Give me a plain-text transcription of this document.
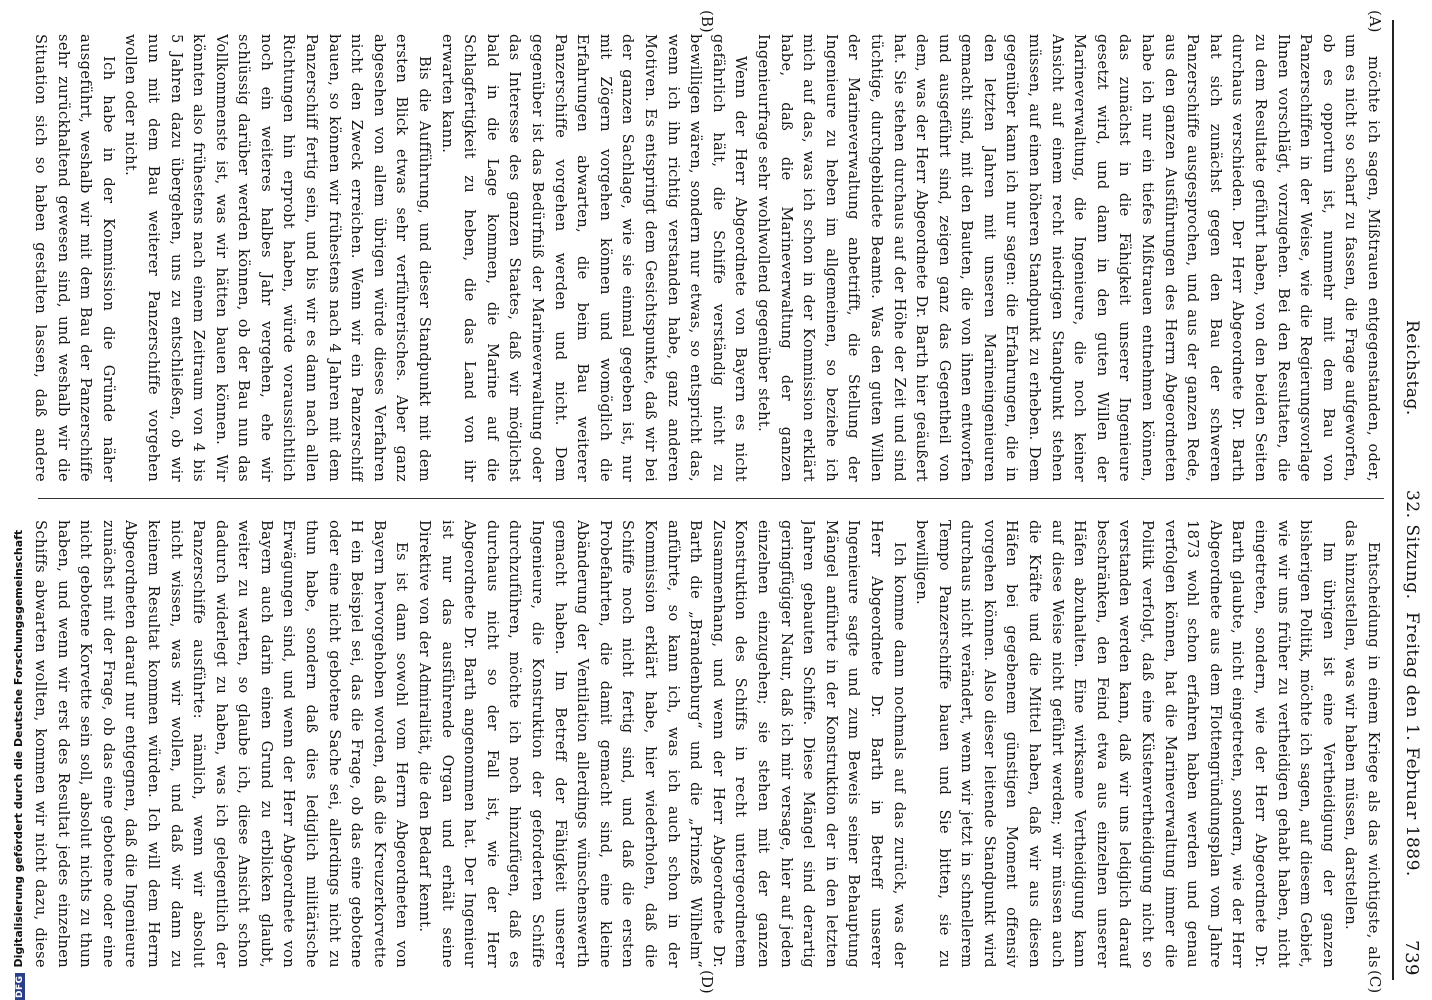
Reichstag.
32. Sitzung.
Freitag den 1. Februar 1889.
739
(A)
(B)
(C)
(D)

möchte ich sagen, Mißtrauen entgegenstanden, oder, um es nicht so scharf zu fassen, die Frage aufgeworfen, ob es opportun ist, nunmehr mit dem Bau von Panzerschiffen in der Weise, wie die Regierungsvorlage Ihnen vorschlägt, vorzugehen. Bei den Resultaten, die zu dem Resultate geführt haben, von den beiden Seiten durchaus verschieden. Der Herr Abgeordnete Dr. Barth hat sich zunächst gegen den Bau der schweren Panzerschiffe ausgesprochen, und aus der ganzen Rede, aus den ganzen Ausführungen des Herrn Abgeordneten habe ich nur ein tiefes Mißtrauen entnehmen können, das zunächst in die Fähigkeit unserer Ingenieure gesetzt wird, und dann in den guten Willen der Marineverwaltung, die Ingenieure, die noch keiner Ansicht auf einem recht niedrigen Standpunkt stehen müssen, auf einen höheren Standpunkt zu erheben. Dem gegenüber kann ich nur sagen: die Erfahrungen, die in den letzten Jahren mit unseren Marineingenieuren gemacht sind, mit den Bauten, die von ihnen entworfen und ausgeführt sind, zeigen ganz das Gegentheil von dem, was der Herr Abgeordnete Dr. Barth hier geäußert hat. Sie stehen durchaus auf der Höhe der Zeit und sind tüchtige, durchgebildete Beamte. Was den guten Willen der Marineverwaltung anbetrifft, die Stellung der Ingenieure zu heben im allgemeinen, so beziehe ich mich auf das, was ich schon in der Kommission erklärt habe, daß die Marineverwaltung der ganzen Ingenieurfrage sehr wohlwollend gegenüber steht.

Wenn der Herr Abgeordnete von Bayern es nicht gefährlich hält, die Schiffe verständig nicht zu bewilligen wären, sondern nur etwas, so entspricht das, wenn ich ihn richtig verstanden habe, ganz anderen Motiven. Es entspringt dem Gesichtspunkte, daß wir bei der ganzen Sachlage, wie sie einmal gegeben ist, nur mit Zögern vorgehen können und womöglich die Erfahrungen abwarten, die beim Bau weiterer Panzerschiffe vorgehen werden und nicht. Dem gegenüber ist das Bedürfniß der Marineverwaltung oder das Interesse des ganzen Staates, daß wir möglichst bald in die Lage kommen, die Marine auf die Schlagfertigkeit zu heben, die das Land von ihr erwarten kann.

Bis die Aufführung, und dieser Standpunkt mit dem ersten Blick etwas sehr verführerisches. Aber ganz abgesehen von allem übrigen würde dieses Verfahren nicht den Zweck erreichen. Wenn wir ein Panzerschiff bauen, so können wir frühestens nach 4 Jahren mit dem Panzerschiff fertig sein, und bis wir es dann nach allen Richtungen hin erprobt haben, würde voraussichtlich noch ein weiteres halbes Jahr vergehen, ehe wir schlüssig darüber werden können, ob der Bau nun das Vollkommenste ist, was wir hätten bauen können. Wir könnten also frühestens nach einem Zeitraum von 4 bis 5 Jahren dazu übergehen, uns zu entschließen, ob wir nun mit dem Bau weiterer Panzerschiffe vorgehen wollen oder nicht.

Ich habe in der Kommission die Gründe näher ausgeführt, weshalb wir mit dem Bau der Panzerschiffe sehr zurückhaltend gewesen sind, und weshalb wir die Situation sich so haben gestalten lassen, daß andere

Entscheidung in einem Kriege als das wichtigste, als das hinzustellen, was wir haben müssen, darstellen.

Im übrigen ist eine Vertheidigung der ganzen bisherigen Politik, möchte ich sagen, auf diesem Gebiet, wie wir uns früher zu vertheidigen gehabt haben, nicht eingetreten, sondern, wie der Herr Abgeordnete Dr. Barth glaubte, nicht eingetreten, sondern, wie der Herr Abgeordnete aus dem Flottengründungsplan vom Jahre 1873 wohl schon erfahren haben werden und genau verfolgen können, hat die Marineverwaltung immer die Politik verfolgt, daß eine Küstenvertheidigung nicht so verstanden werden kann, daß wir uns lediglich darauf beschränken, den Feind etwa aus einzelnen unserer Häfen abzuhalten. Eine wirksame Vertheidigung kann auf diese Weise nicht geführt werden; wir müssen auch die Kräfte und die Mittel haben, daß wir aus diesen Häfen bei gegebenem günstigen Moment offensiv vorgehen können. Also dieser leitende Standpunkt wird durchaus nicht verändert, wenn wir jetzt in schnellerem Tempo Panzerschiffe bauen und Sie bitten, sie zu bewilligen.

Ich komme dann nochmals auf das zurück, was der Herr Abgeordnete Dr. Barth in Betreff unserer Ingenieure sagte und zum Beweis seiner Behauptung Mängel anführte in der Konstruktion der in den letzten Jahren gebauten Schiffe. Diese Mängel sind derartig geringfügiger Natur, daß ich mir versage, hier auf jeden einzelnen einzugehen; sie stehen mit der ganzen Konstruktion des Schiffs in recht untergeordnetem Zusammenhang, und wenn der Herr Abgeordnete Dr. Barth die „Brandenburg“ und die „Prinzeß Wilhelm“ anführte, so kann ich, was ich auch schon in der Kommission erklärt habe, hier wiederholen, daß die Schiffe noch nicht fertig sind, und daß die ersten Probefahrten, die damit gemacht sind, eine kleine Abänderung der Ventilation allerdings wünschenswerth gemacht haben. Im Betreff der Fähigkeit unserer Ingenieure, die Konstruktion der geforderten Schiffe durchzuführen, möchte ich noch hinzufügen, daß es durchaus nicht so der Fall ist, wie der Herr Abgeordnete Dr. Barth angenommen hat. Der Ingenieur ist nur das ausführende Organ und erhält seine Direktive von der Admiralität, die den Bedarf kennt.

Es ist dann sowohl vom Herrn Abgeordneten von Bayern hervorgehoben worden, daß die Kreuzerkorvette H ein Beispiel sei, das die Frage, ob das eine gebotene oder eine nicht gebotene Sache sei, allerdings nicht zu thun habe, sondern daß dies lediglich militärische Erwägungen sind, und wenn der Herr Abgeordnete von Bayern auch darin einen Grund zu erblicken glaubt, weiter zu warten, so glaube ich, diese Ansicht schon dadurch widerlegt zu haben, was ich gelegentlich der Panzerschiffe ausführte: nämlich, wenn wir absolut nicht wissen, was wir wollen, und daß wir dann zu keinem Resultat kommen würden. Ich will dem Herrn Abgeordneten darauf nur entgegnen, daß die Ingenieure zunächst mit der Frage, ob das eine gebotene oder eine nicht gebotene Korvette sein soll, absolut nichts zu thun haben, und wenn wir erst des Resultat jedes einzelnen Schiffs abwarten wollten, kommen wir nicht dazu, diese

DFGDigitalisierung gefördert durch die Deutsche Forschungsgemeinschaft
